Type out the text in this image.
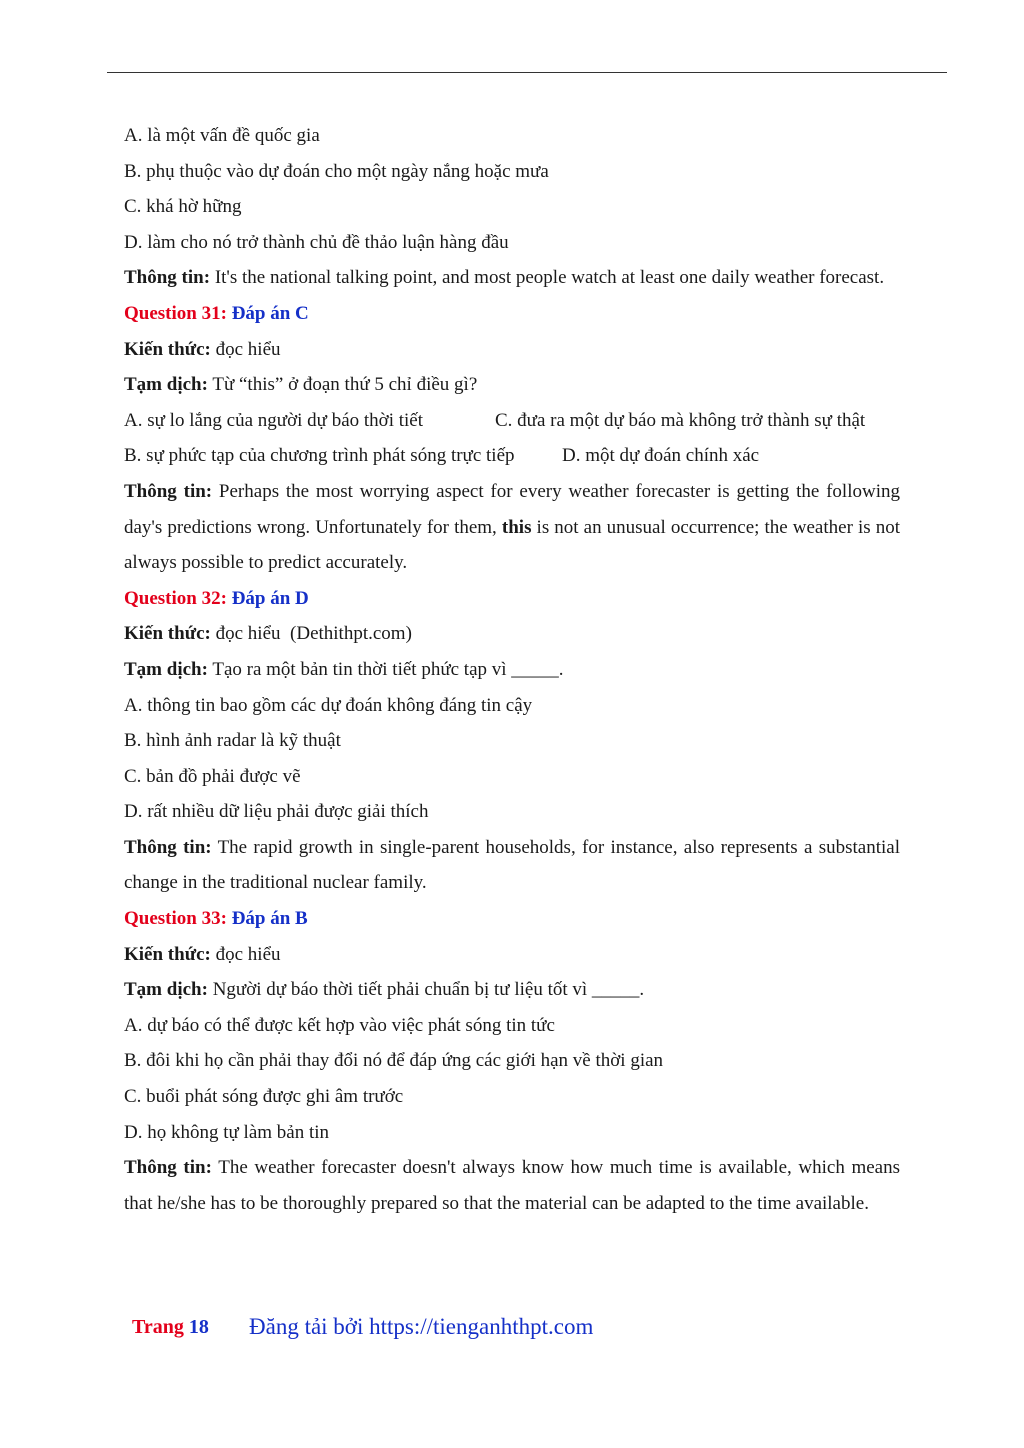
A. là một vấn đề quốc gia
B. phụ thuộc vào dự đoán cho một ngày nắng hoặc mưa
C. khá hờ hững
D. làm cho nó trở thành chủ đề thảo luận hàng đầu
Thông tin: It's the national talking point, and most people watch at least one daily weather forecast.
Question 31: Đáp án C
Kiến thức: đọc hiểu
Tạm dịch: Từ “this” ở đoạn thứ 5 chỉ điều gì?
A. sự lo lắng của người dự báo thời tiết	C. đưa ra một dự báo mà không trở thành sự thật
B. sự phức tạp của chương trình phát sóng trực tiếp	D. một dự đoán chính xác
Thông tin: Perhaps the most worrying aspect for every weather forecaster is getting the following day's predictions wrong. Unfortunately for them, this is not an unusual occurrence; the weather is not always possible to predict accurately.
Question 32: Đáp án D
Kiến thức: đọc hiểu  (Dethithpt.com)
Tạm dịch: Tạo ra một bản tin thời tiết phức tạp vì _____.
A. thông tin bao gồm các dự đoán không đáng tin cậy
B. hình ảnh radar là kỹ thuật
C. bản đồ phải được vẽ
D. rất nhiều dữ liệu phải được giải thích
Thông tin: The rapid growth in single-parent households, for instance, also represents a substantial change in the traditional nuclear family.
Question 33: Đáp án B
Kiến thức: đọc hiểu
Tạm dịch: Người dự báo thời tiết phải chuẩn bị tư liệu tốt vì _____.
A. dự báo có thể được kết hợp vào việc phát sóng tin tức
B. đôi khi họ cần phải thay đổi nó để đáp ứng các giới hạn về thời gian
C. buổi phát sóng được ghi âm trước
D. họ không tự làm bản tin
Thông tin: The weather forecaster doesn't always know how much time is available, which means that he/she has to be thoroughly prepared so that the material can be adapted to the time available.
Trang 18 Đăng tải bởi https://tienganhthpt.com
